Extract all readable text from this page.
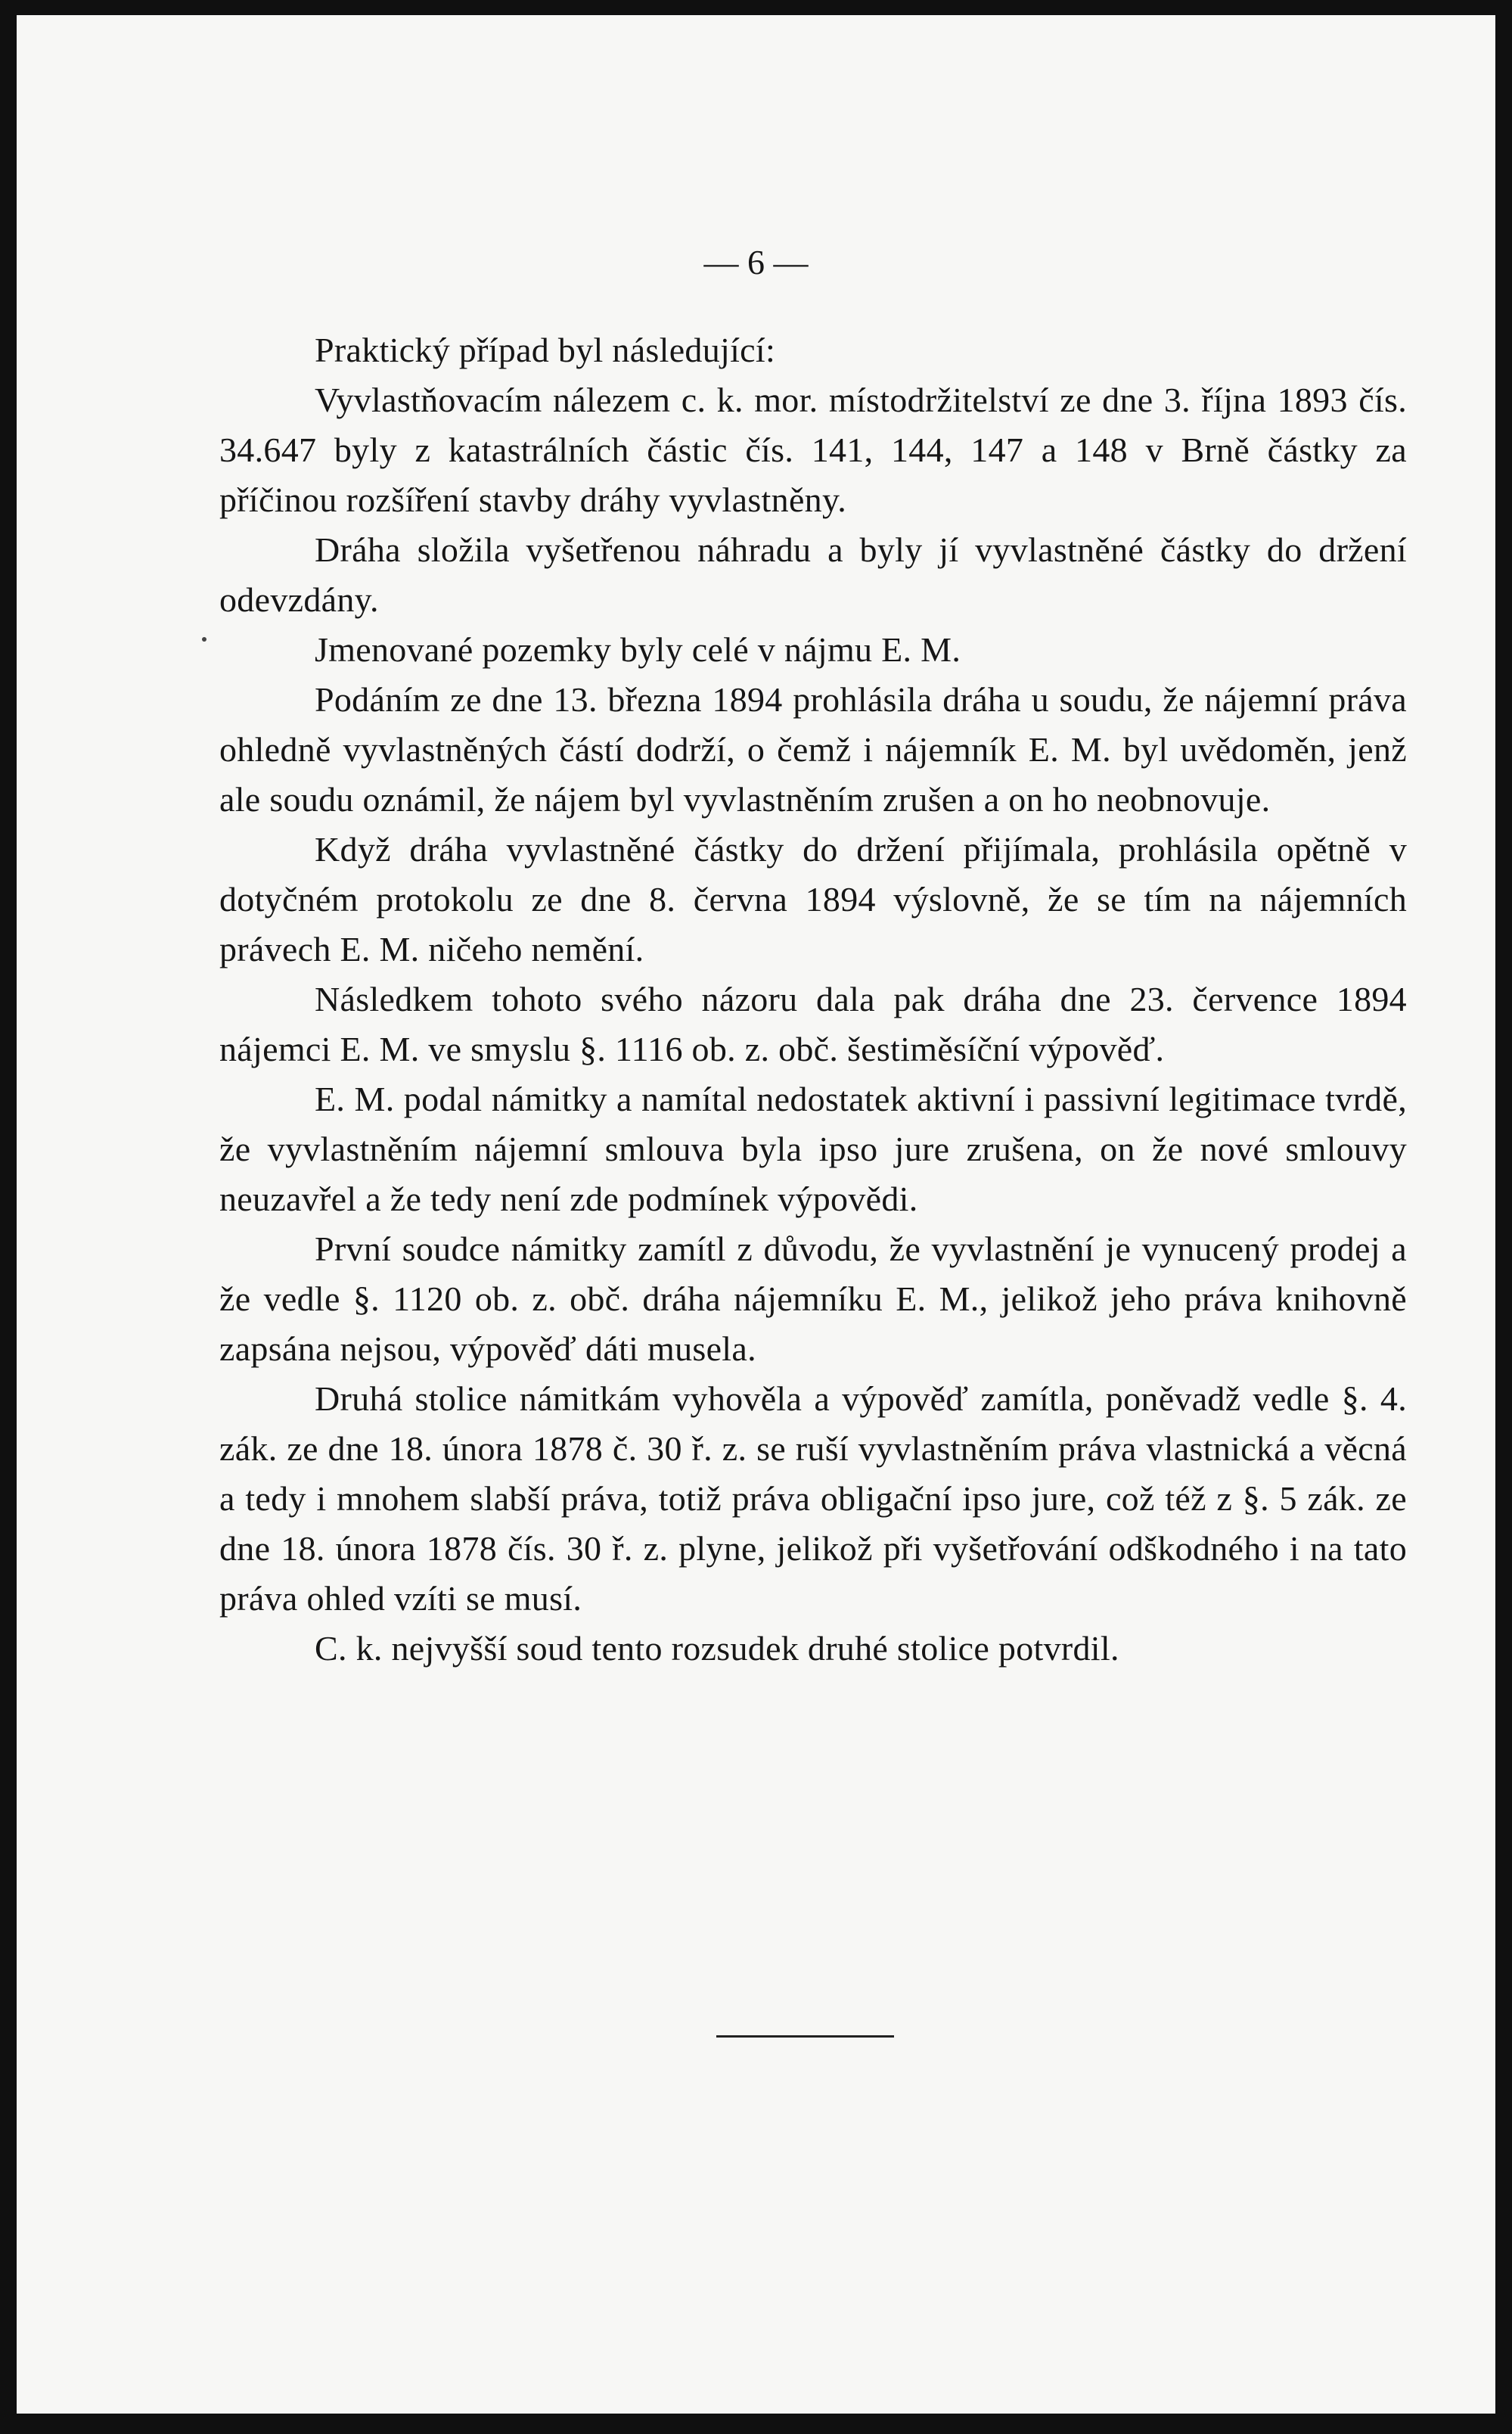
— 6 —

Praktický případ byl následující:

Vyvlastňovacím nálezem c. k. mor. místodržitelství ze dne 3. října 1893 čís. 34.647 byly z katastrálních částic čís. 141, 144, 147 a 148 v Brně částky za příčinou rozšíření stavby dráhy vyvlastněny.

Dráha složila vyšetřenou náhradu a byly jí vyvlastněné částky do držení odevzdány.

Jmenované pozemky byly celé v nájmu E. M.

Podáním ze dne 13. března 1894 prohlásila dráha u soudu, že nájemní práva ohledně vyvlastněných částí dodrží, o čemž i nájemník E. M. byl uvědoměn, jenž ale soudu oznámil, že nájem byl vyvlastněním zrušen a on ho neobnovuje.

Když dráha vyvlastněné částky do držení přijímala, prohlásila opětně v dotyčném protokolu ze dne 8. června 1894 výslovně, že se tím na nájemních právech E. M. ničeho nemění.

Následkem tohoto svého názoru dala pak dráha dne 23. července 1894 nájemci E. M. ve smyslu §. 1116 ob. z. obč. šestiměsíční výpověď.

E. M. podal námitky a namítal nedostatek aktivní i passivní legitimace tvrdě, že vyvlastněním nájemní smlouva byla ipso jure zrušena, on že nové smlouvy neuzavřel a že tedy není zde podmínek výpovědi.

První soudce námitky zamítl z důvodu, že vyvlastnění je vynucený prodej a že vedle §. 1120 ob. z. obč. dráha nájemníku E. M., jelikož jeho práva knihovně zapsána nejsou, výpověď dáti musela.

Druhá stolice námitkám vyhověla a výpověď zamítla, poněvadž vedle §. 4. zák. ze dne 18. února 1878 č. 30 ř. z. se ruší vyvlastněním práva vlastnická a věcná a tedy i mnohem slabší práva, totiž práva obligační ipso jure, což též z §. 5 zák. ze dne 18. února 1878 čís. 30 ř. z. plyne, jelikož při vyšetřování odškodného i na tato práva ohled vzíti se musí.

C. k. nejvyšší soud tento rozsudek druhé stolice potvrdil.
